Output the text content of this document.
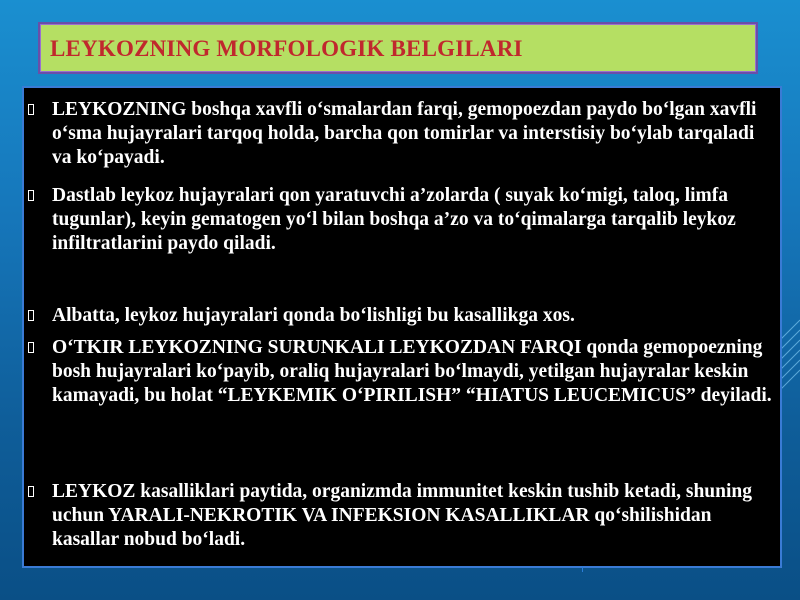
LEYKOZNING MORFOLOGIK BELGILARI
LEYKOZNING boshqa xavfli o‘smalardan farqi, gemopoezdan paydo bo‘lgan xavfli o‘sma hujayralari tarqoq holda, barcha qon tomirlar va interstisiy bo‘ylab tarqaladi va ko‘payadi.
Dastlab leykoz hujayralari qon yaratuvchi a’zolarda ( suyak ko‘migi, taloq, limfa tugunlar), keyin gematogen yo‘l bilan boshqa a’zo va to‘qimalarga tarqalib leykoz infiltratlarini paydo qiladi.
Albatta, leykoz hujayralari qonda bo‘lishligi bu kasallikga xos.
O‘TKIR LEYKOZNING SURUNKALI LEYKOZDAN FARQI qonda gemopoezning bosh hujayralari ko‘payib, oraliq hujayralari bo‘lmaydi, yetilgan hujayralar keskin kamayadi, bu holat “LEYKEMIK O‘PIRILISH” “HIATUS LEUCEMICUS” deyiladi.
LEYKOZ kasalliklari paytida, organizmda immunitet keskin tushib ketadi, shuning uchun YARALI-NEKROTIK VA INFEKSION KASALLIKLAR qo‘shilishidan kasallar nobud bo‘ladi.
